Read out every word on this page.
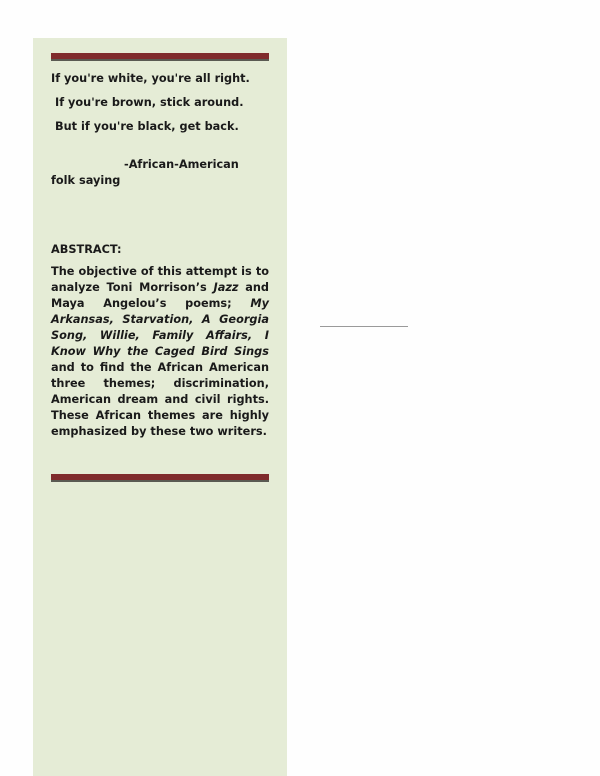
If you're white, you're all right.

If you're brown, stick around.

But if you're black, get back.

-African-American
folk saying
ABSTRACT:
The objective of this attempt is to analyze Toni Morrison’s Jazz and Maya Angelou’s poems; My Arkansas, Starvation, A Georgia Song, Willie, Family Affairs, I Know Why the Caged Bird Sings and to find the African American three themes; discrimination, American dream and civil rights. These African themes are highly emphasized by these two writers.
